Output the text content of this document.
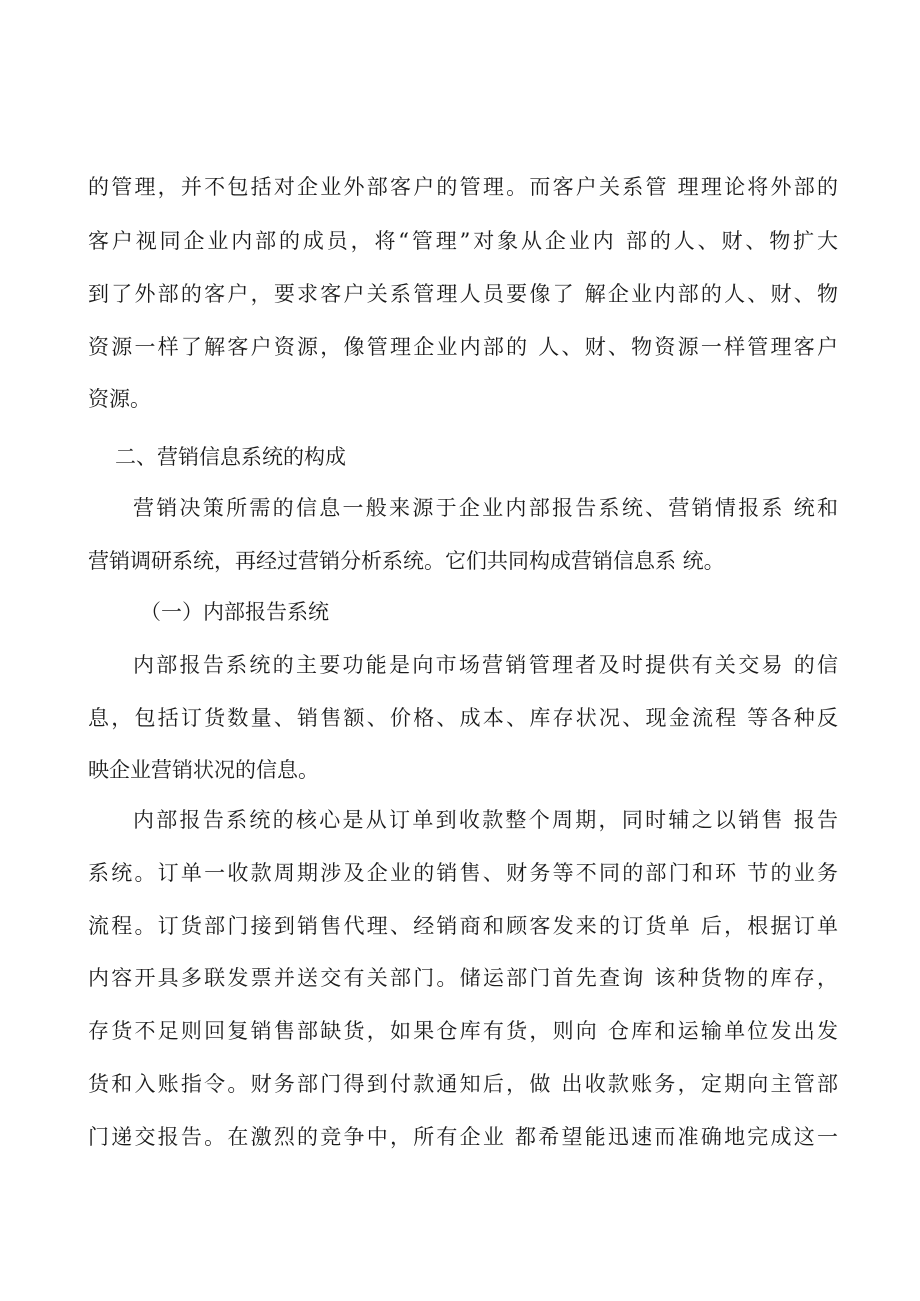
的管理，并不包括对企业外部客户的管理。而客户关系管 理理论将外部的
客户视同企业内部的成员，将“管理”对象从企业内 部的人、财、物扩大
到了外部的客户，要求客户关系管理人员要像了 解企业内部的人、财、物
资源一样了解客户资源，像管理企业内部的 人、财、物资源一样管理客户
资源。
二、营销信息系统的构成
营销决策所需的信息一般来源于企业内部报告系统、营销情报系 统和
营销调研系统，再经过营销分析系统。它们共同构成营销信息系 统。
（一）内部报告系统
内部报告系统的主要功能是向市场营销管理者及时提供有关交易 的信
息，包括订货数量、销售额、价格、成本、库存状况、现金流程 等各种反
映企业营销状况的信息。
内部报告系统的核心是从订单到收款整个周期，同时辅之以销售 报告
系统。订单一收款周期涉及企业的销售、财务等不同的部门和环 节的业务
流程。订货部门接到销售代理、经销商和顾客发来的订货单 后，根据订单
内容开具多联发票并送交有关部门。储运部门首先查询 该种货物的库存，
存货不足则回复销售部缺货，如果仓库有货，则向 仓库和运输单位发出发
货和入账指令。财务部门得到付款通知后，做 出收款账务，定期向主管部
门递交报告。在激烈的竞争中，所有企业 都希望能迅速而准确地完成这一
